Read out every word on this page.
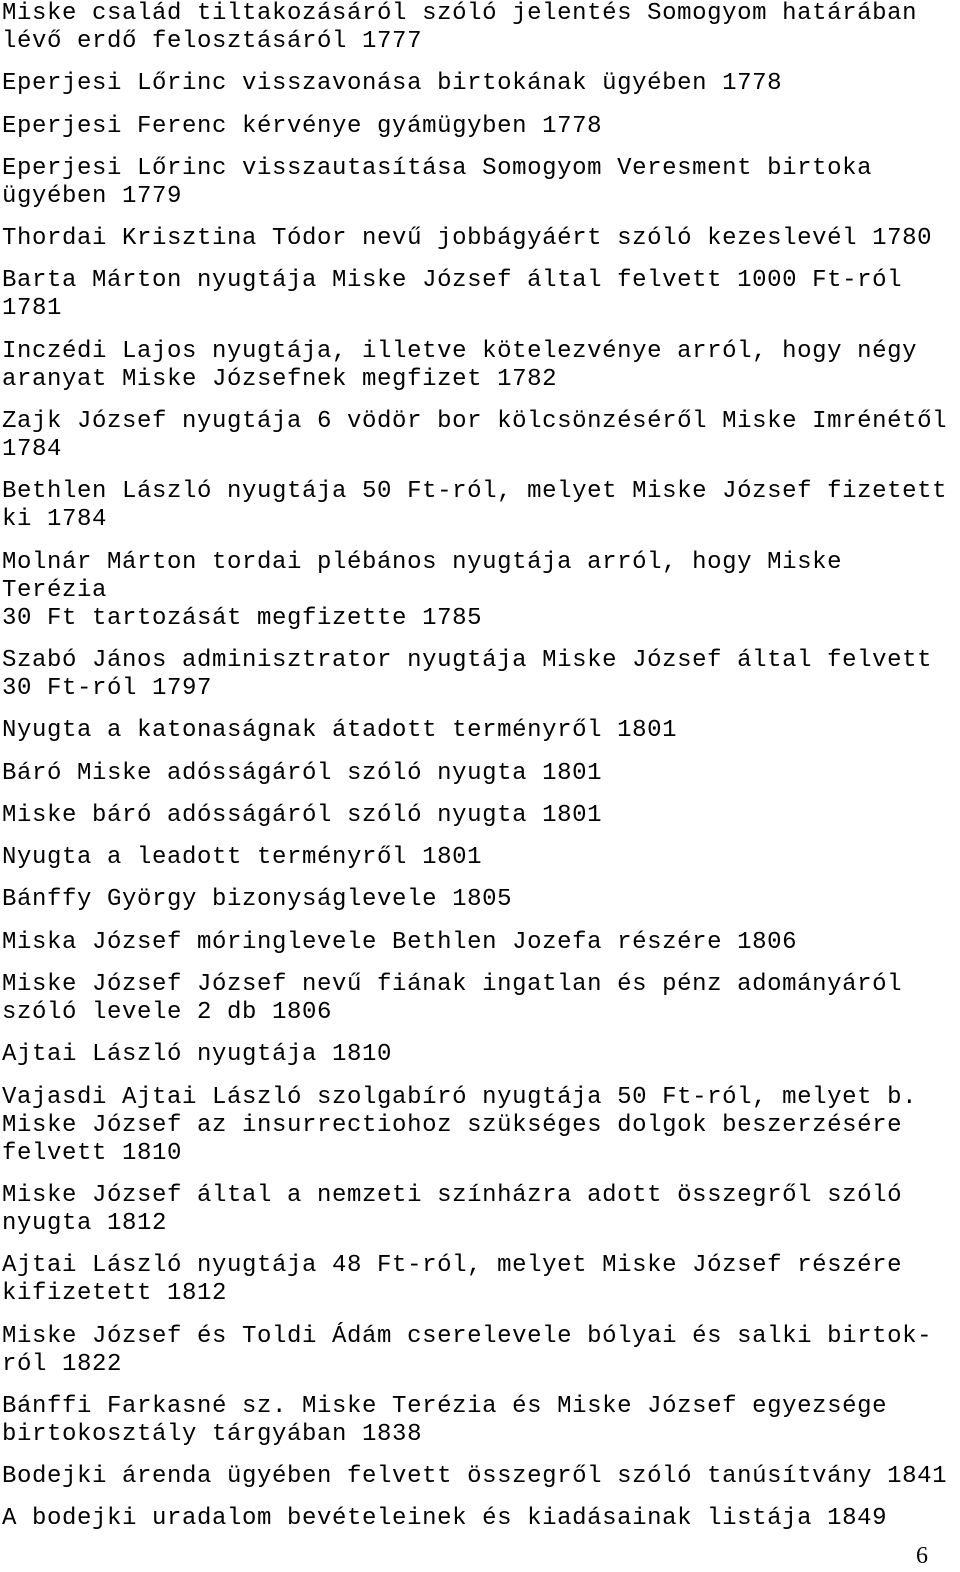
Miske család tiltakozásáról szóló jelentés Somogyom határában
lévő erdő felosztásáról 1777
Eperjesi Lőrinc visszavonása birtokának ügyében 1778
Eperjesi Ferenc kérvénye gyámügyben 1778
Eperjesi Lőrinc visszautasítása Somogyom Veresment birtoka
ügyében 1779
Thordai Krisztina Tódor nevű jobbágyáért szóló kezeslevél 1780
Barta Márton nyugtája Miske József által felvett 1000 Ft-ról
1781
Inczédi Lajos nyugtája, illetve kötelezvénye arról, hogy négy
aranyat Miske Józsefnek megfizet 1782
Zajk József nyugtája 6 vödör bor kölcsönzéséről Miske Imrénétől
1784
Bethlen László nyugtája 50 Ft-ról, melyet Miske József fizetett
ki 1784
Molnár Márton tordai plébános nyugtája arról, hogy Miske Terézia
30 Ft tartozását megfizette 1785
Szabó János adminisztrator nyugtája Miske József által felvett
30 Ft-ról 1797
Nyugta a katonaságnak átadott terményről 1801
Báró Miske adósságáról szóló nyugta 1801
Miske báró adósságáról szóló nyugta 1801
Nyugta a leadott terményről 1801
Bánffy György bizonyságlevele 1805
Miska József móringlevele Bethlen Jozefa részére 1806
Miske József József nevű fiának ingatlan és pénz adományáról
szóló levele 2 db 1806
Ajtai László nyugtája 1810
Vajasdi Ajtai László szolgabíró nyugtája 50 Ft-ról, melyet b.
Miske József az insurrectiohoz szükséges dolgok beszerzésére
felvett 1810
Miske József által a nemzeti színházra adott összegről szóló
nyugta 1812
Ajtai László nyugtája 48 Ft-ról, melyet Miske József részére
kifizetett 1812
Miske József és Toldi Ádám cserelevele bólyai és salki birtok-
ról 1822
Bánffi Farkasné sz. Miske Terézia és Miske József egyezsége
birtokosztály tárgyában 1838
Bodejki árenda ügyében felvett összegről szóló tanúsítvány 1841
A bodejki uradalom bevételeinek és kiadásainak listája 1849
6
